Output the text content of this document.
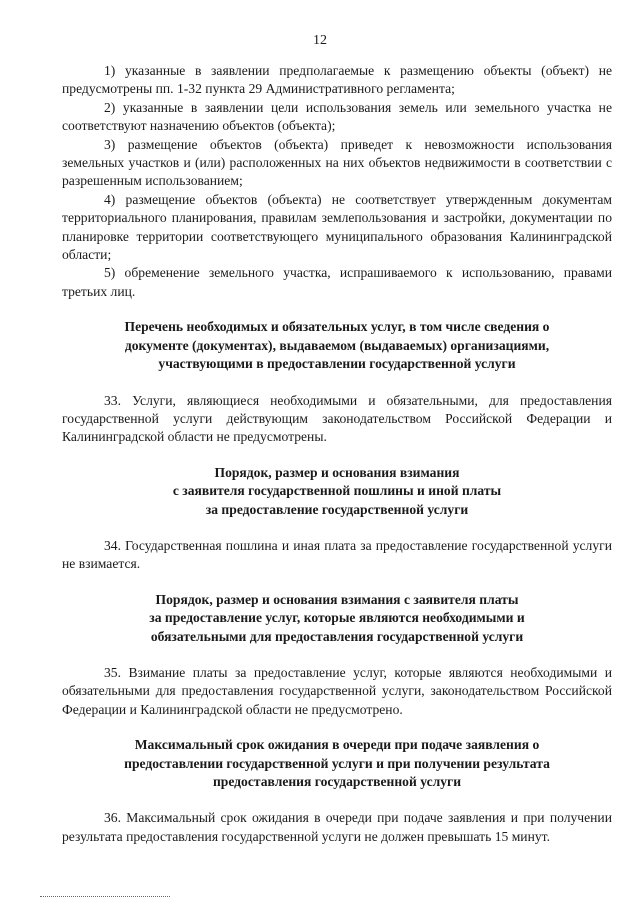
12

1) указанные в заявлении предполагаемые к размещению объекты (объект) не предусмотрены пп. 1-32 пункта 29 Административного регламента;

2) указанные в заявлении цели использования земель или земельного участка не соответствуют назначению объектов (объекта);

3) размещение объектов (объекта) приведет к невозможности использования земельных участков и (или) расположенных на них объектов недвижимости в соответствии с разрешенным использованием;

4) размещение объектов (объекта) не соответствует утвержденным документам территориального планирования, правилам землепользования и застройки, документации по планировке территории соответствующего муниципального образования Калининградской области;

5) обременение земельного участка, испрашиваемого к использованию, правами третьих лиц.

Перечень необходимых и обязательных услуг, в том числе сведения о
документе (документах), выдаваемом (выдаваемых) организациями,
участвующими в предоставлении государственной услуги

33. Услуги, являющиеся необходимыми и обязательными, для предоставления государственной услуги действующим законодательством Российской Федерации и Калининградской области не предусмотрены.

Порядок, размер и основания взимания
с заявителя государственной пошлины и иной платы
за предоставление государственной услуги

34. Государственная пошлина и иная плата за предоставление государственной услуги не взимается.

Порядок, размер и основания взимания с заявителя платы
за предоставление услуг, которые являются необходимыми и
обязательными для предоставления государственной услуги

35. Взимание платы за предоставление услуг, которые являются необходимыми и обязательными для предоставления государственной услуги, законодательством Российской Федерации и Калининградской области не предусмотрено.

Максимальный срок ожидания в очереди при подаче заявления о
предоставлении государственной услуги и при получении результата
предоставления государственной услуги

36. Максимальный срок ожидания в очереди при подаче заявления и при получении результата предоставления государственной услуги не должен превышать 15 минут.
